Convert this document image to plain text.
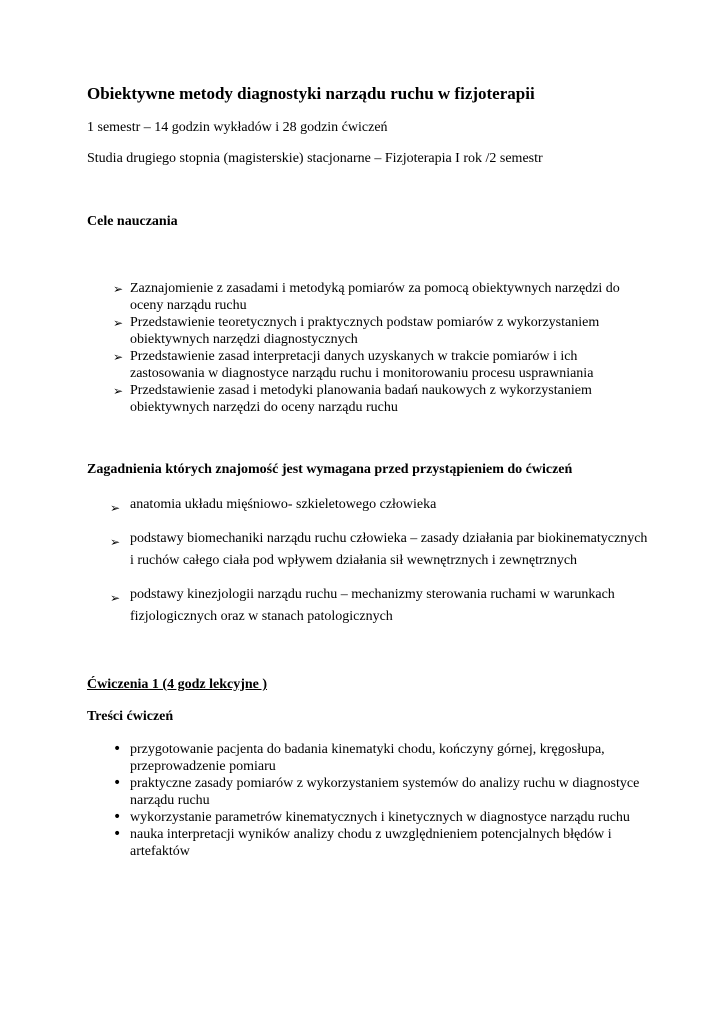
Obiektywne metody diagnostyki narządu ruchu w fizjoterapii
1 semestr – 14 godzin wykładów i 28 godzin ćwiczeń
Studia drugiego stopnia (magisterskie) stacjonarne – Fizjoterapia I rok /2 semestr
Cele nauczania
➢ Zaznajomienie z zasadami i metodyką pomiarów za pomocą obiektywnych narzędzi do oceny narządu ruchu
➢ Przedstawienie teoretycznych i praktycznych podstaw pomiarów z wykorzystaniem obiektywnych narzędzi diagnostycznych
➢ Przedstawienie zasad interpretacji danych uzyskanych w trakcie pomiarów i ich zastosowania w diagnostyce narządu ruchu i monitorowaniu procesu usprawniania
➢ Przedstawienie zasad i metodyki planowania badań naukowych z wykorzystaniem obiektywnych narzędzi do oceny narządu ruchu
Zagadnienia których znajomość jest wymagana przed przystąpieniem do ćwiczeń
➢ anatomia układu mięśniowo- szkieletowego człowieka
➢ podstawy biomechaniki narządu ruchu człowieka – zasady działania par biokinematycznych i ruchów całego ciała pod wpływem działania sił wewnętrznych i zewnętrznych
➢ podstawy kinezjologii narządu ruchu – mechanizmy sterowania ruchami w warunkach fizjologicznych oraz w stanach patologicznych
Ćwiczenia 1 (4 godz lekcyjne )
Treści ćwiczeń
• przygotowanie pacjenta do badania kinematyki chodu, kończyny górnej, kręgosłupa, przeprowadzenie pomiaru
• praktyczne zasady pomiarów z wykorzystaniem systemów do analizy ruchu w diagnostyce narządu ruchu
• wykorzystanie parametrów kinematycznych i kinetycznych w diagnostyce narządu ruchu
• nauka interpretacji wyników analizy chodu z uwzględnieniem potencjalnych błędów i artefaktów
